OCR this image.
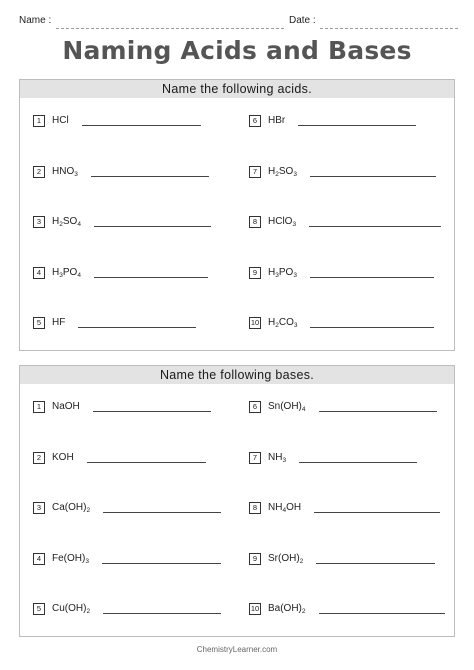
Name :	Date :
Naming Acids and Bases
Name the following acids.
1	HCl
2	$HNO_3$
3	$H_2SO_4$
4	$H_3PO_4$
5	HF
6	HBr
7	$H_2SO_3$
8	HClO$_3$
9	$H_3PO_3$
10 $H_2CO_3$
Name the following bases.
1	NaOH
2	KOH
3	$Ca(OH)_2$
4	$Fe(OH)_3$
5	$Cu(OH)_2$
6	$Sn(OH)_4$
7	$NH_3$
8	$NH_4OH$
9	$Sr(OH)_2$
10 $Ba(OH)_2$
ChemistryLearner.com
